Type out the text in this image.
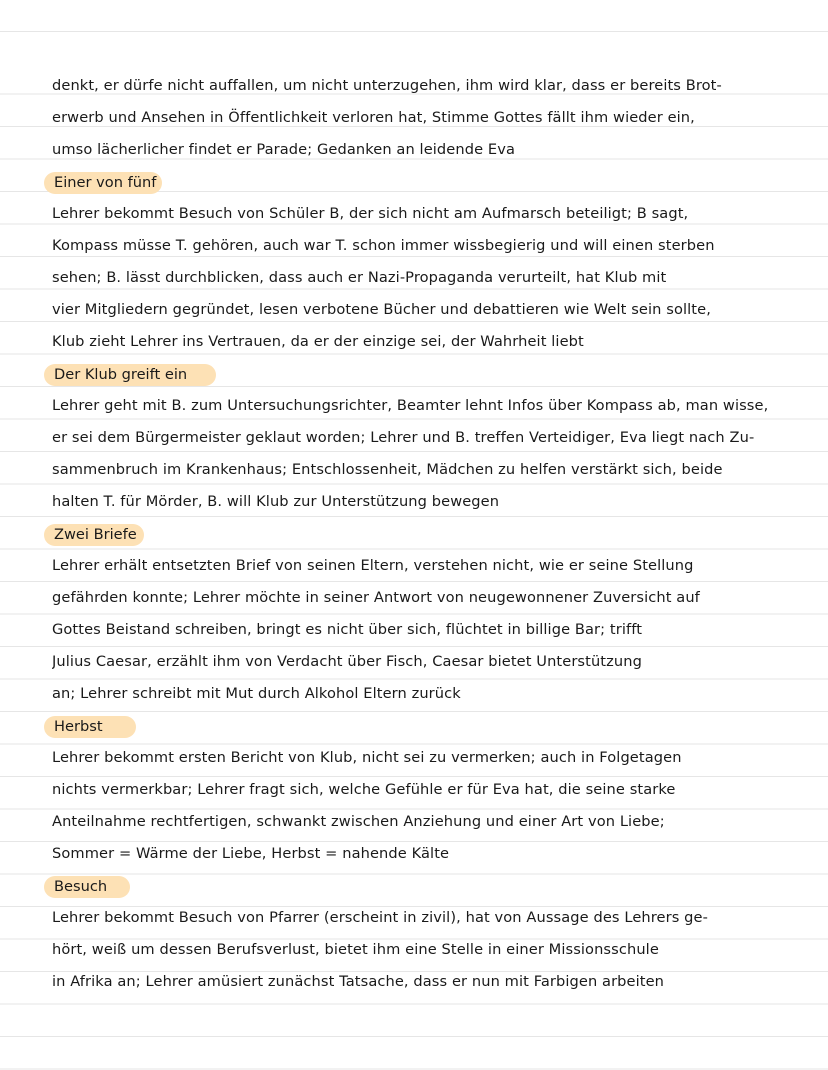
denkt, er dürfe nicht auffallen, um nicht unterzugehen, ihm wird klar, dass er bereits Brot-
erwerb und Ansehen in Öffentlichkeit verloren hat, Stimme Gottes fällt ihm wieder ein,
umso lächerlicher findet er Parade; Gedanken an leidende Eva
Einer von fünf
Lehrer bekommt Besuch von Schüler B, der sich nicht am Aufmarsch beteiligt; B sagt,
Kompass müsse T. gehören, auch war T. schon immer wissbegierig und will einen sterben
sehen; B. lässt durchblicken, dass auch er Nazi-Propaganda verurteilt, hat Klub mit
vier Mitgliedern gegründet, lesen verbotene Bücher und debattieren wie Welt sein sollte,
Klub zieht Lehrer ins Vertrauen, da er der einzige sei, der Wahrheit liebt
Der Klub greift ein
Lehrer geht mit B. zum Untersuchungsrichter, Beamter lehnt Infos über Kompass ab, man wisse,
er sei dem Bürgermeister geklaut worden; Lehrer und B. treffen Verteidiger, Eva liegt nach Zu-
sammenbruch im Krankenhaus; Entschlossenheit, Mädchen zu helfen verstärkt sich, beide
halten T. für Mörder, B. will Klub zur Unterstützung bewegen
Zwei Briefe
Lehrer erhält entsetzten Brief von seinen Eltern, verstehen nicht, wie er seine Stellung
gefährden konnte; Lehrer möchte in seiner Antwort von neugewonnener Zuversicht auf
Gottes Beistand schreiben, bringt es nicht über sich, flüchtet in billige Bar; trifft
Julius Caesar, erzählt ihm von Verdacht über Fisch, Caesar bietet Unterstützung
an; Lehrer schreibt mit Mut durch Alkohol Eltern zurück
Herbst
Lehrer bekommt ersten Bericht von Klub, nicht sei zu vermerken; auch in Folgetagen
nichts vermerkbar; Lehrer fragt sich, welche Gefühle er für Eva hat, die seine starke
Anteilnahme rechtfertigen, schwankt zwischen Anziehung und einer Art von Liebe;
Sommer = Wärme der Liebe, Herbst = nahende Kälte
Besuch
Lehrer bekommt Besuch von Pfarrer (erscheint in zivil), hat von Aussage des Lehrers ge-
hört, weiß um dessen Berufsverlust, bietet ihm eine Stelle in einer Missionsschule
in Afrika an; Lehrer amüsiert zunächst Tatsache, dass er nun mit Farbigen arbeiten
